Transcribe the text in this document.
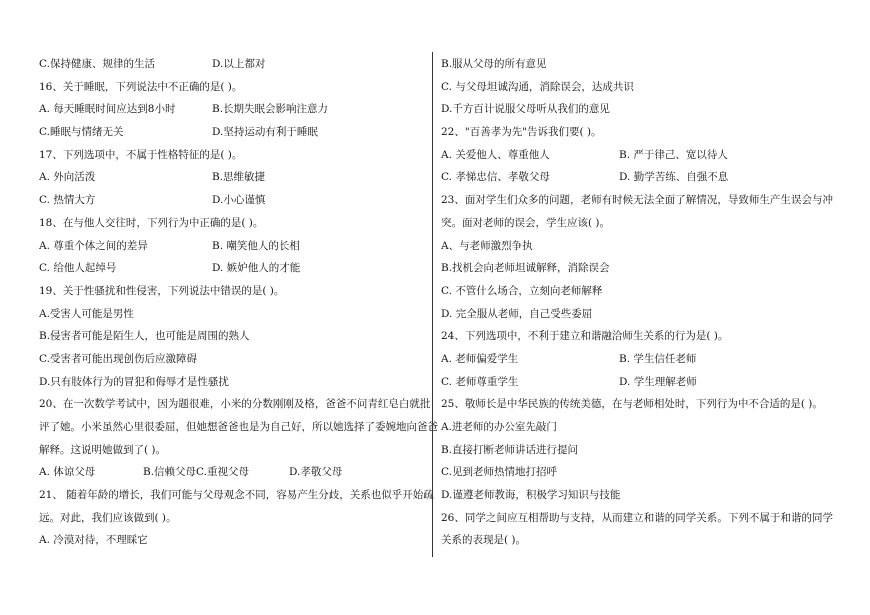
C.保持健康、规律的生活	D.以上都对
16、关于睡眠，下列说法中不正确的是( )。
A. 每天睡眠时间应达到8小时	B.长期失眠会影响注意力
C.睡眠与情绪无关	D.坚持运动有利于睡眠
17、下列选项中，不属于性格特征的是( )。
A. 外向活泼	B.思维敏捷
C. 热情大方	D.小心谨慎
18、在与他人交往时，下列行为中正确的是( )。
A. 尊重个体之间的差异	B. 嘲笑他人的长相
C. 给他人起绰号	D. 嫉妒他人的才能
19、关于性骚扰和性侵害，下列说法中错误的是( )。
A.受害人可能是男性
B.侵害者可能是陌生人，也可能是周围的熟人
C.受害者可能出现创伤后应激障碍
D.只有肢体行为的冒犯和侮辱才是性骚扰
20、在一次数学考试中，因为题很难，小米的分数刚刚及格，爸爸不问青红皂白就批
评了她。小米虽然心里很委屈，但她想爸爸也是为自己好，所以她选择了委婉地向爸爸
解释。这说明她做到了( )。
A. 体谅父母	B.信赖父母 C.重视父母	D.孝敬父母
21、 随着年龄的增长，我们可能与父母观念不同，容易产生分歧，关系也似乎开始疏
远。对此，我们应该做到( )。
A. 冷漠对待，不理睬它
B.服从父母的所有意见
C. 与父母坦诚沟通，消除误会，达成共识
D.千方百计说服父母听从我们的意见
22、"百善孝为先"告诉我们要( )。
A. 关爱他人、尊重他人	B. 严于律己、宽以待人
C. 孝悌忠信、孝敬父母	D. 勤学苦练、自强不息
23、面对学生们众多的问题，老师有时候无法全面了解情况，导致师生产生误会与冲
突。面对老师的误会，学生应该( )。
A、与老师激烈争执
B.找机会向老师坦诚解释，消除误会
C. 不管什么场合，立刻向老师解释
D. 完全服从老师，自己受些委屈
24、下列选项中，不利于建立和谐融洽师生关系的行为是( )。
A. 老师偏爱学生	B. 学生信任老师
C. 老师尊重学生	D. 学生理解老师
25、敬师长是中华民族的传统美德，在与老师相处时，下列行为中不合适的是( )。
A.进老师的办公室先敲门
B.直接打断老师讲话进行提问
C.见到老师热情地打招呼
D.谨遵老师教诲，积极学习知识与技能
26、同学之间应互相帮助与支持，从而建立和谐的同学关系。下列不属于和谐的同学
关系的表现是( )。
